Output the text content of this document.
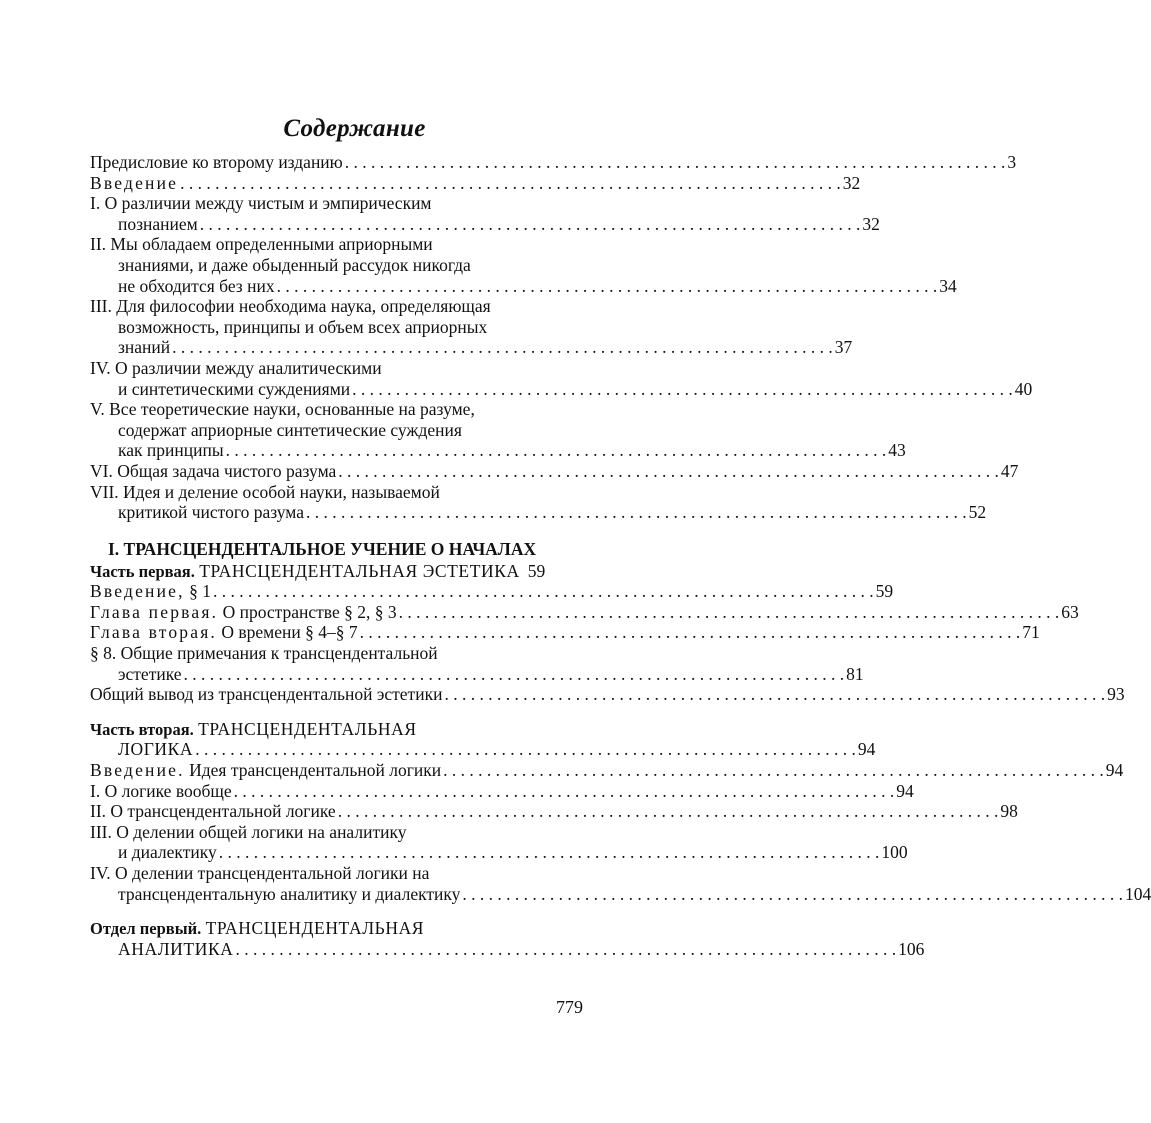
Содержание
Предисловие ко второму изданию . . .	3
Введение . . .	32
I. О различии между чистым и эмпирическим
познанием . . .	32
II. Мы обладаем определенными априорными
знаниями, и даже обыденный рассудок никогда
не обходится без них . . .	34
III. Для философии необходима наука, определяющая
возможность, принципы и объем всех априорных
знаний . . .	37
IV. О различии между аналитическими
и синтетическими суждениями . . .	40
V. Все теоретические науки, основанные на разуме,
содержат априорные синтетические суждения
как принципы . . .	43
VI. Общая задача чистого разума . . .	47
VII. Идея и деление особой науки, называемой
критикой чистого разума . . .	52
I. ТРАНСЦЕНДЕНТАЛЬНОЕ УЧЕНИЕ О НАЧАЛАХ
Часть первая. ТРАНСЦЕНДЕНТАЛЬНАЯ ЭСТЕТИКА 59
Введение, § 1 . . .	59
Глава первая. О пространстве § 2, § 3 . . .	63
Глава вторая. О времени § 4–§ 7 . . .	71
§ 8. Общие примечания к трансцендентальной
эстетике . . .	81
Общий вывод из трансцендентальной эстетики . . .	93
Часть вторая. ТРАНСЦЕНДЕНТАЛЬНАЯ
ЛОГИКА . . .	94
Введение. Идея трансцендентальной логики . . .	94
I. О логике вообще . . .	94
II. О трансцендентальной логике . . .	98
III. О делении общей логики на аналитику
и диалектику . . .	100
IV. О делении трансцендентальной логики на
трансцендентальную аналитику и диалектику . . .	104
Отдел первый. ТРАНСЦЕНДЕНТАЛЬНАЯ
АНАЛИТИКА . . .	106
779
